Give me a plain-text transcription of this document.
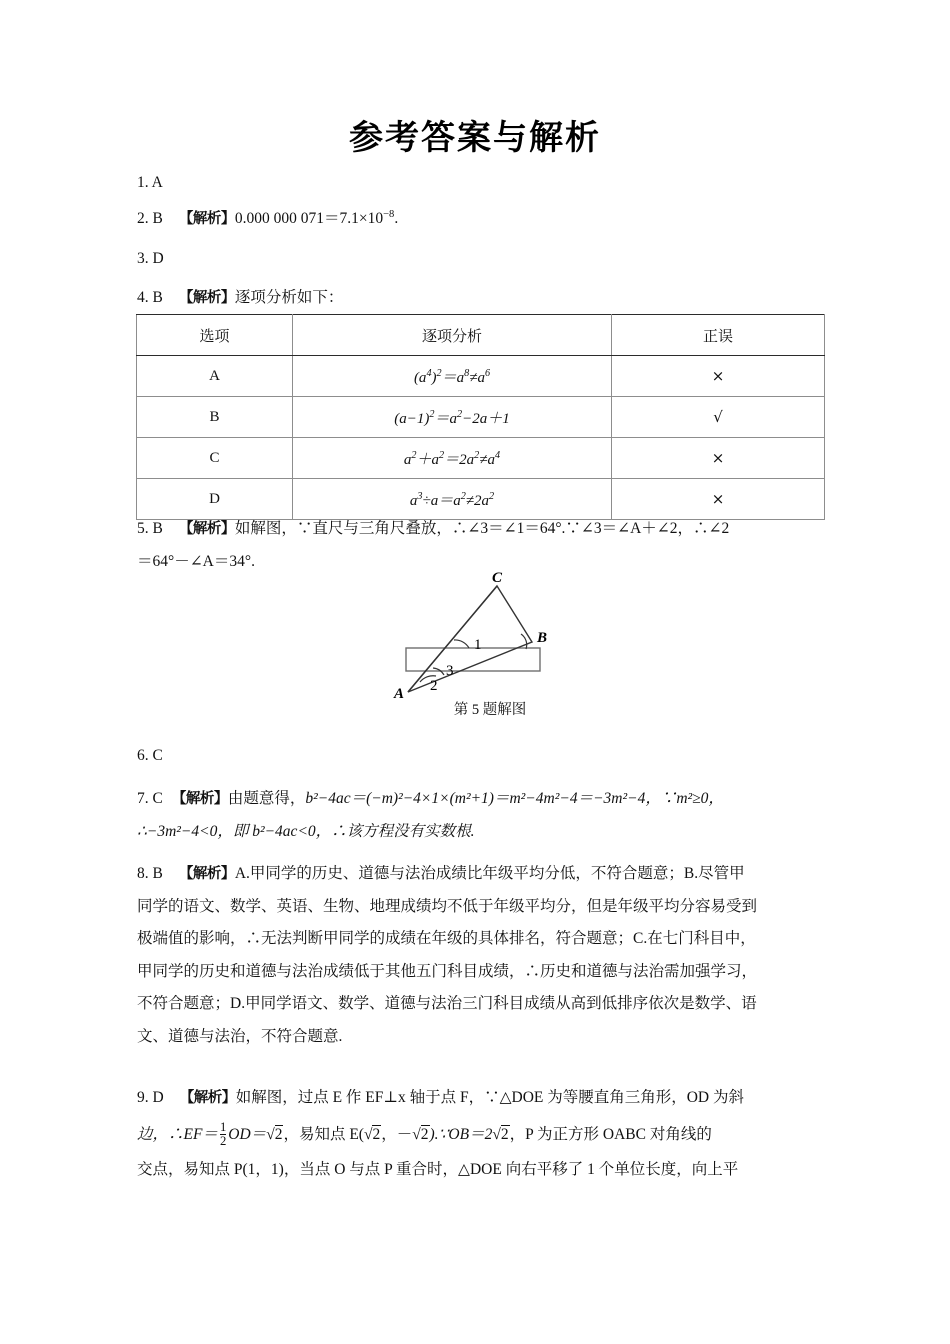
参考答案与解析

1. A

2. B 【解析】0.000 000 $071=7.1\times 10^{-8}$.

3. D

4. B 【解析】逐项分析如下：

选项	逐项分析	正误
A	$(a^4)^2=a^8\ne a^6$	×
B	$(a-1)^2=a^2-2a+1$	√
C	$a^2+a^2=2a^2\ne a^4$	×
D	$a^3\div a=a^2\ne 2a^2$	×

5. B 【解析】如解图，∵直尺与三角尺叠放，∴∠3＝∠1＝64°.∵∠3＝∠A＋∠2，∴∠2

＝64°－∠A＝34°.

C
B
A
1
3
2
第 5 题解图

6. C

7. C 【解析】由题意得，b²−4ac＝(−m)²−4×1×(m²+1)＝m²−4m²−4＝−3m²−4，∵m²≥0，

∴−3m²−4<0，即 b²−4ac<0，∴该方程没有实数根.

8. B 【解析】A.甲同学的历史、道德与法治成绩比年级平均分低，不符合题意；B.尽管甲

同学的语文、数学、英语、生物、地理成绩均不低于年级平均分，但是年级平均分容易受到

极端值的影响，∴无法判断甲同学的成绩在年级的具体排名，符合题意；C.在七门科目中，

甲同学的历史和道德与法治成绩低于其他五门科目成绩，∴历史和道德与法治需加强学习，

不符合题意；D.甲同学语文、数学、道德与法治三门科目成绩从高到低排序依次是数学、语

文、道德与法治，不符合题意.

9. D 【解析】如解图，过点 E 作 EF⊥x 轴于点 F，∵△DOE 为等腰直角三角形，OD 为斜

边，∴EF＝ $\frac{1}{2} OD=√2$，易知点 E(√2，－√2).∵OB＝2√2，P 为正方形 OABC 对角线的

交点，易知点 P(1，1)，当点 O 与点 P 重合时，△DOE 向右平移了 1 个单位长度，向上平
